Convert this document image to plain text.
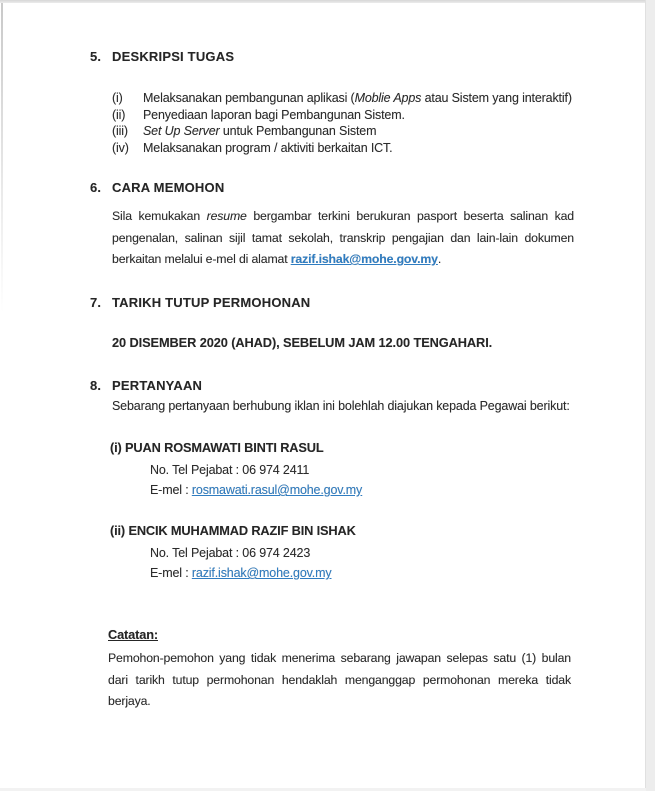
5. DESKRIPSI TUGAS
(i) Melaksanakan pembangunan aplikasi (Moblie Apps atau Sistem yang interaktif)
(ii) Penyediaan laporan bagi Pembangunan Sistem.
(iii) Set Up Server untuk Pembangunan Sistem
(iv) Melaksanakan program / aktiviti berkaitan ICT.
6. CARA MEMOHON
Sila kemukakan resume bergambar terkini berukuran pasport beserta salinan kad
pengenalan, salinan sijil tamat sekolah, transkrip pengajian dan lain-lain dokumen
berkaitan melalui e-mel di alamat razif.ishak@mohe.gov.my.
7. TARIKH TUTUP PERMOHONAN
20 DISEMBER 2020 (AHAD), SEBELUM JAM 12.00 TENGAHARI.
8. PERTANYAAN
Sebarang pertanyaan berhubung iklan ini bolehlah diajukan kepada Pegawai berikut:
(i) PUAN ROSMAWATI BINTI RASUL
No. Tel Pejabat : 06 974 2411
E-mel : rosmawati.rasul@mohe.gov.my
(ii) ENCIK MUHAMMAD RAZIF BIN ISHAK
No. Tel Pejabat : 06 974 2423
E-mel : razif.ishak@mohe.gov.my
Catatan:
Pemohon-pemohon yang tidak menerima sebarang jawapan selepas satu (1) bulan
dari tarikh tutup permohonan hendaklah menganggap permohonan mereka tidak
berjaya.
